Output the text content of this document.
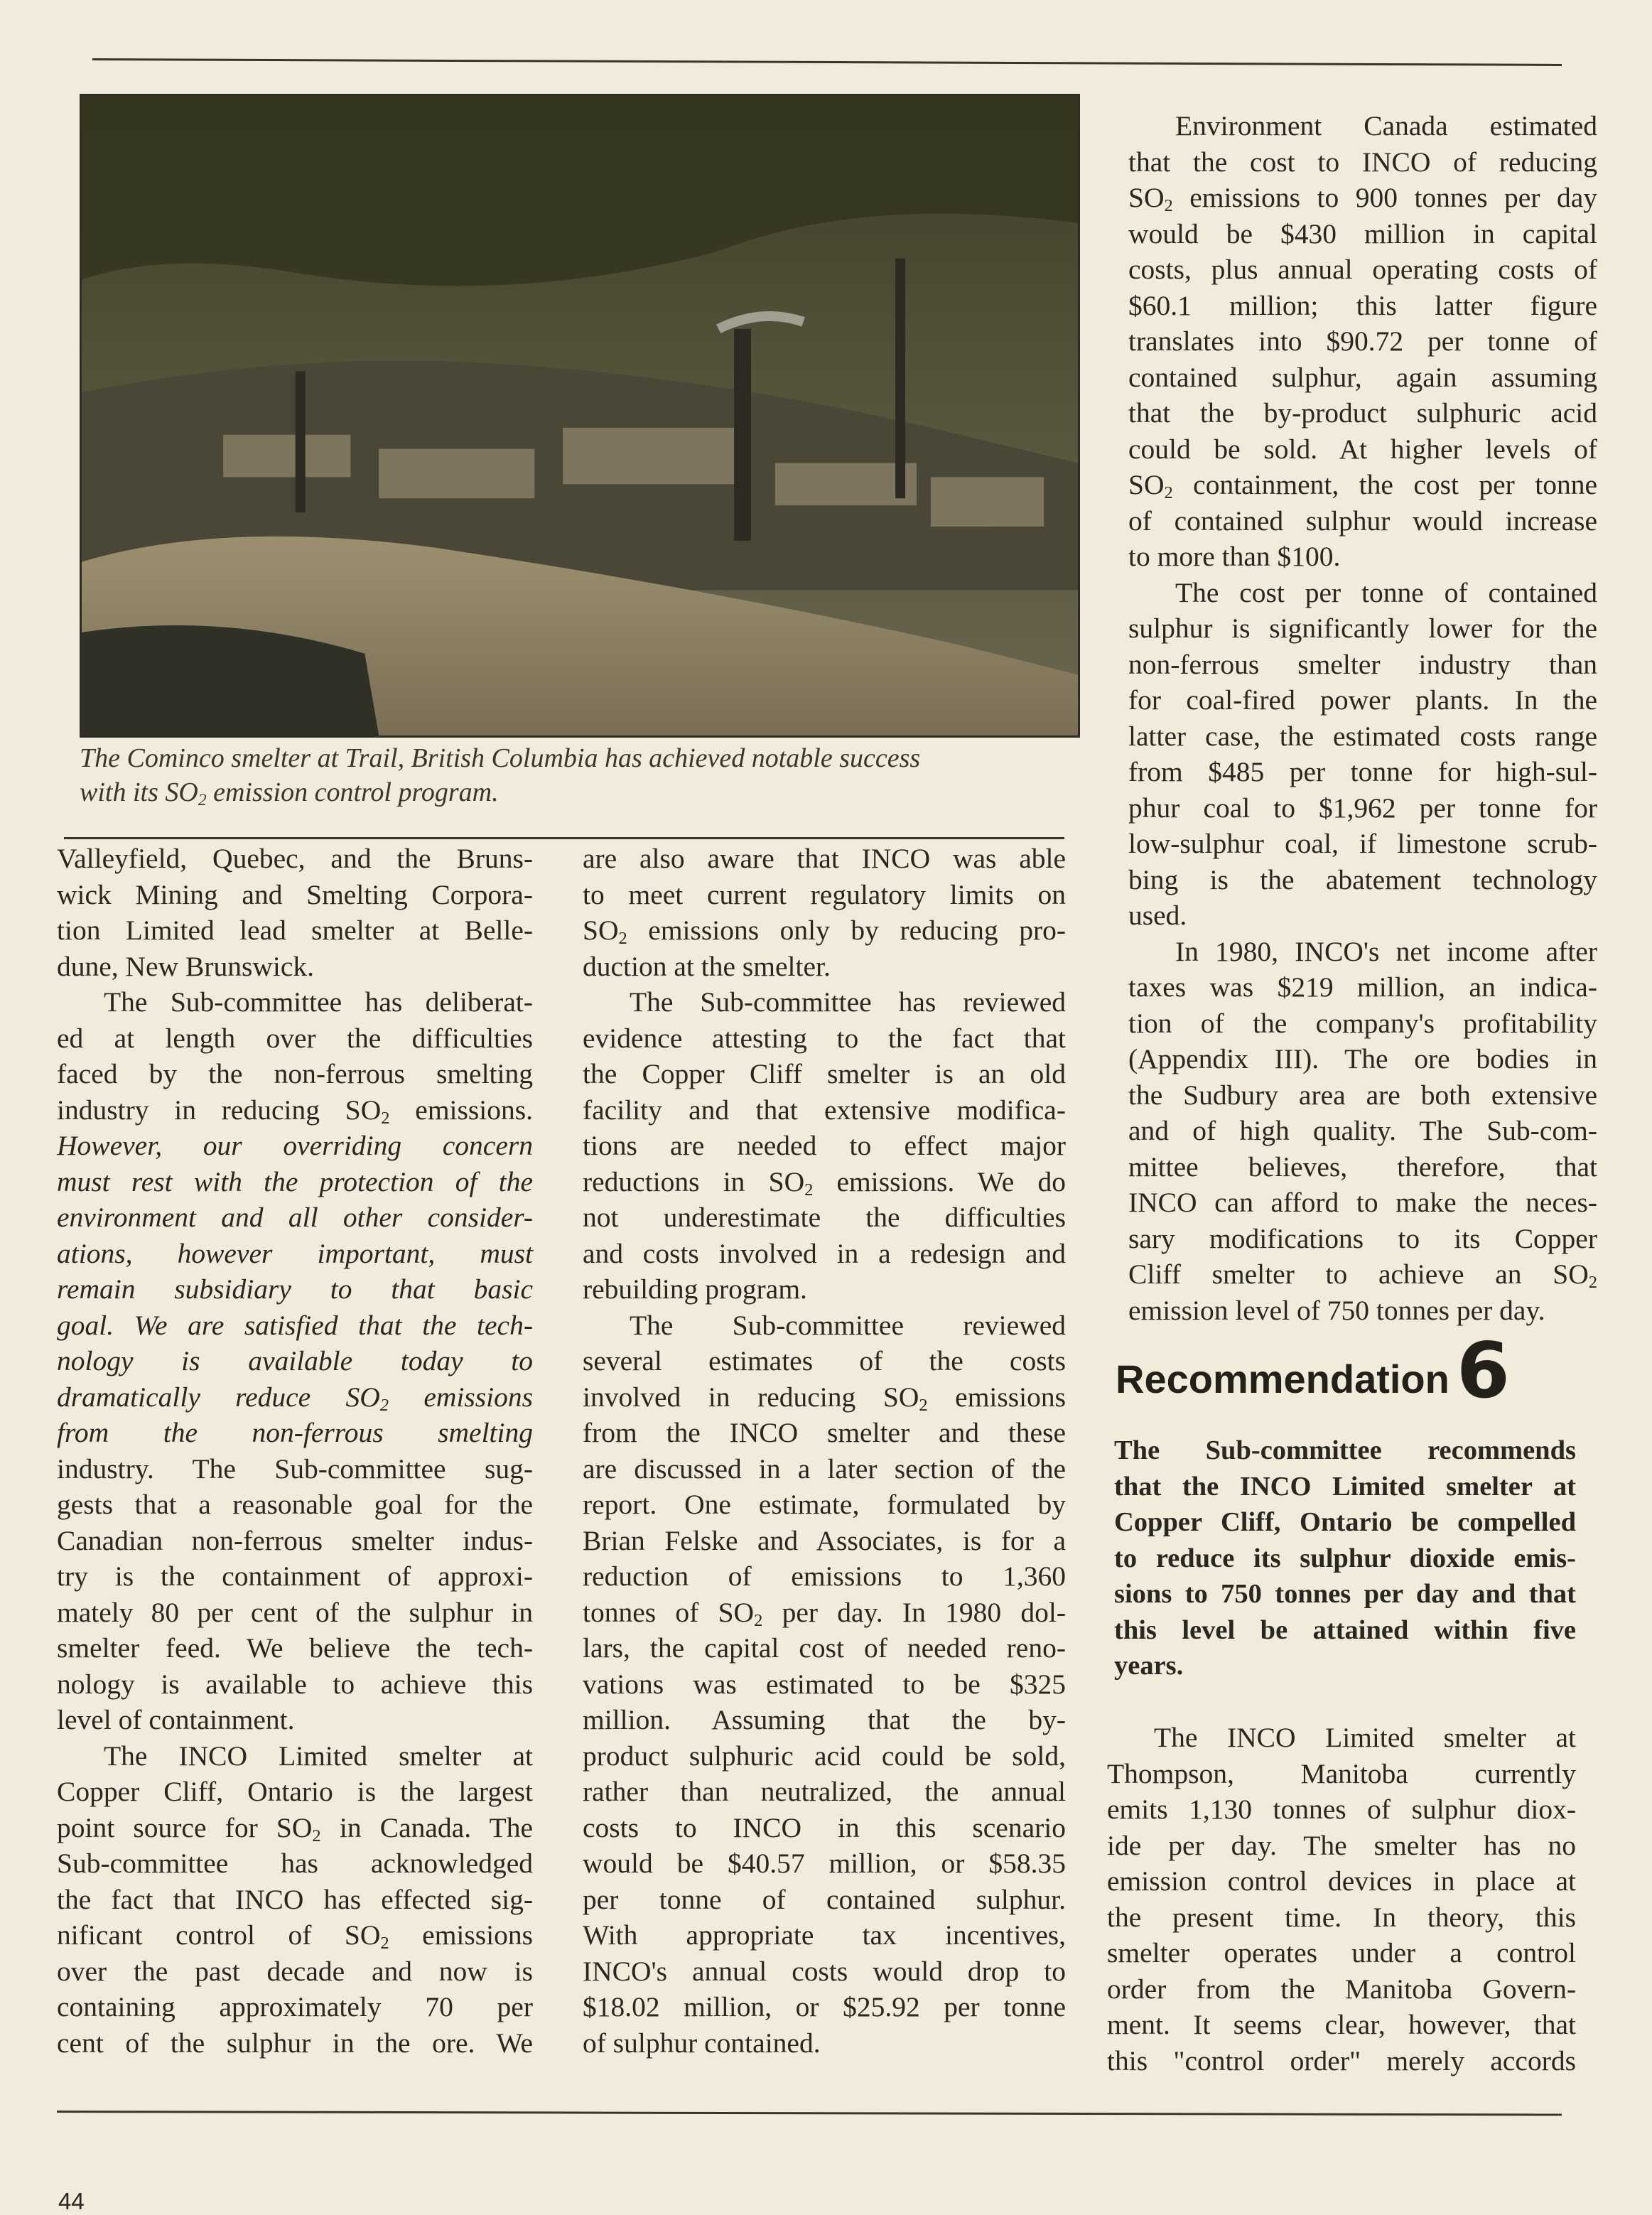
The Cominco smelter at Trail, British Columbia has achieved notable success
with its $SO_2$ emission control program.
Valleyfield, Quebec, and the Bruns-
wick Mining and Smelting Corpora-
tion Limited lead smelter at Belle-
dune, New Brunswick.
The Sub-committee has deliberat-
ed at length over the difficulties
faced by the non-ferrous smelting
industry in reducing $SO_2$ emissions.
However, our overriding concern
must rest with the protection of the
environment and all other consider-
ations, however important, must
remain subsidiary to that basic
goal. We are satisfied that the tech-
nology is available today to
dramatically reduce $SO_2$ emissions
from the non-ferrous smelting
industry. The Sub-committee sug-
gests that a reasonable goal for the
Canadian non-ferrous smelter indus-
try is the containment of approxi-
mately 80 per cent of the sulphur in
smelter feed. We believe the tech-
nology is available to achieve this
level of containment.
The INCO Limited smelter at
Copper Cliff, Ontario is the largest
point source for $SO_2$ in Canada. The
Sub-committee has acknowledged
the fact that INCO has effected sig-
nificant control of $SO_2$ emissions
over the past decade and now is
containing approximately 70 per
cent of the sulphur in the ore. We
are also aware that INCO was able
to meet current regulatory limits on
$SO_2$ emissions only by reducing pro-
duction at the smelter.
The Sub-committee has reviewed
evidence attesting to the fact that
the Copper Cliff smelter is an old
facility and that extensive modifica-
tions are needed to effect major
reductions in $SO_2$ emissions. We do
not underestimate the difficulties
and costs involved in a redesign and
rebuilding program.
The Sub-committee reviewed
several estimates of the costs
involved in reducing $SO_2$ emissions
from the INCO smelter and these
are discussed in a later section of the
report. One estimate, formulated by
Brian Felske and Associates, is for a
reduction of emissions to 1,360
tonnes of $SO_2$ per day. In 1980 dol-
lars, the capital cost of needed reno-
vations was estimated to be $325
million. Assuming that the by-
product sulphuric acid could be sold,
rather than neutralized, the annual
costs to INCO in this scenario
would be $40.57 million, or $58.35
per tonne of contained sulphur.
With appropriate tax incentives,
INCO's annual costs would drop to
$18.02 million, or $25.92 per tonne
of sulphur contained.
Environment Canada estimated
that the cost to INCO of reducing
$SO_2$ emissions to 900 tonnes per day
would be $430 million in capital
costs, plus annual operating costs of
$60.1 million; this latter figure
translates into $90.72 per tonne of
contained sulphur, again assuming
that the by-product sulphuric acid
could be sold. At higher levels of
$SO_2$ containment, the cost per tonne
of contained sulphur would increase
to more than $100.
The cost per tonne of contained
sulphur is significantly lower for the
non-ferrous smelter industry than
for coal-fired power plants. In the
latter case, the estimated costs range
from $485 per tonne for high-sul-
phur coal to $1,962 per tonne for
low-sulphur coal, if limestone scrub-
bing is the abatement technology
used.
In 1980, INCO's net income after
taxes was $219 million, an indica-
tion of the company's profitability
(Appendix III). The ore bodies in
the Sudbury area are both extensive
and of high quality. The Sub-com-
mittee believes, therefore, that
INCO can afford to make the neces-
sary modifications to its Copper
Cliff smelter to achieve an $SO_2$
emission level of 750 tonnes per day.
Recommendation6
The Sub-committee recommends
that the INCO Limited smelter at
Copper Cliff, Ontario be compelled
to reduce its sulphur dioxide emis-
sions to 750 tonnes per day and that
this level be attained within five
years.
The INCO Limited smelter at
Thompson, Manitoba currently
emits 1,130 tonnes of sulphur diox-
ide per day. The smelter has no
emission control devices in place at
the present time. In theory, this
smelter operates under a control
order from the Manitoba Govern-
ment. It seems clear, however, that
this "control order" merely accords
44
